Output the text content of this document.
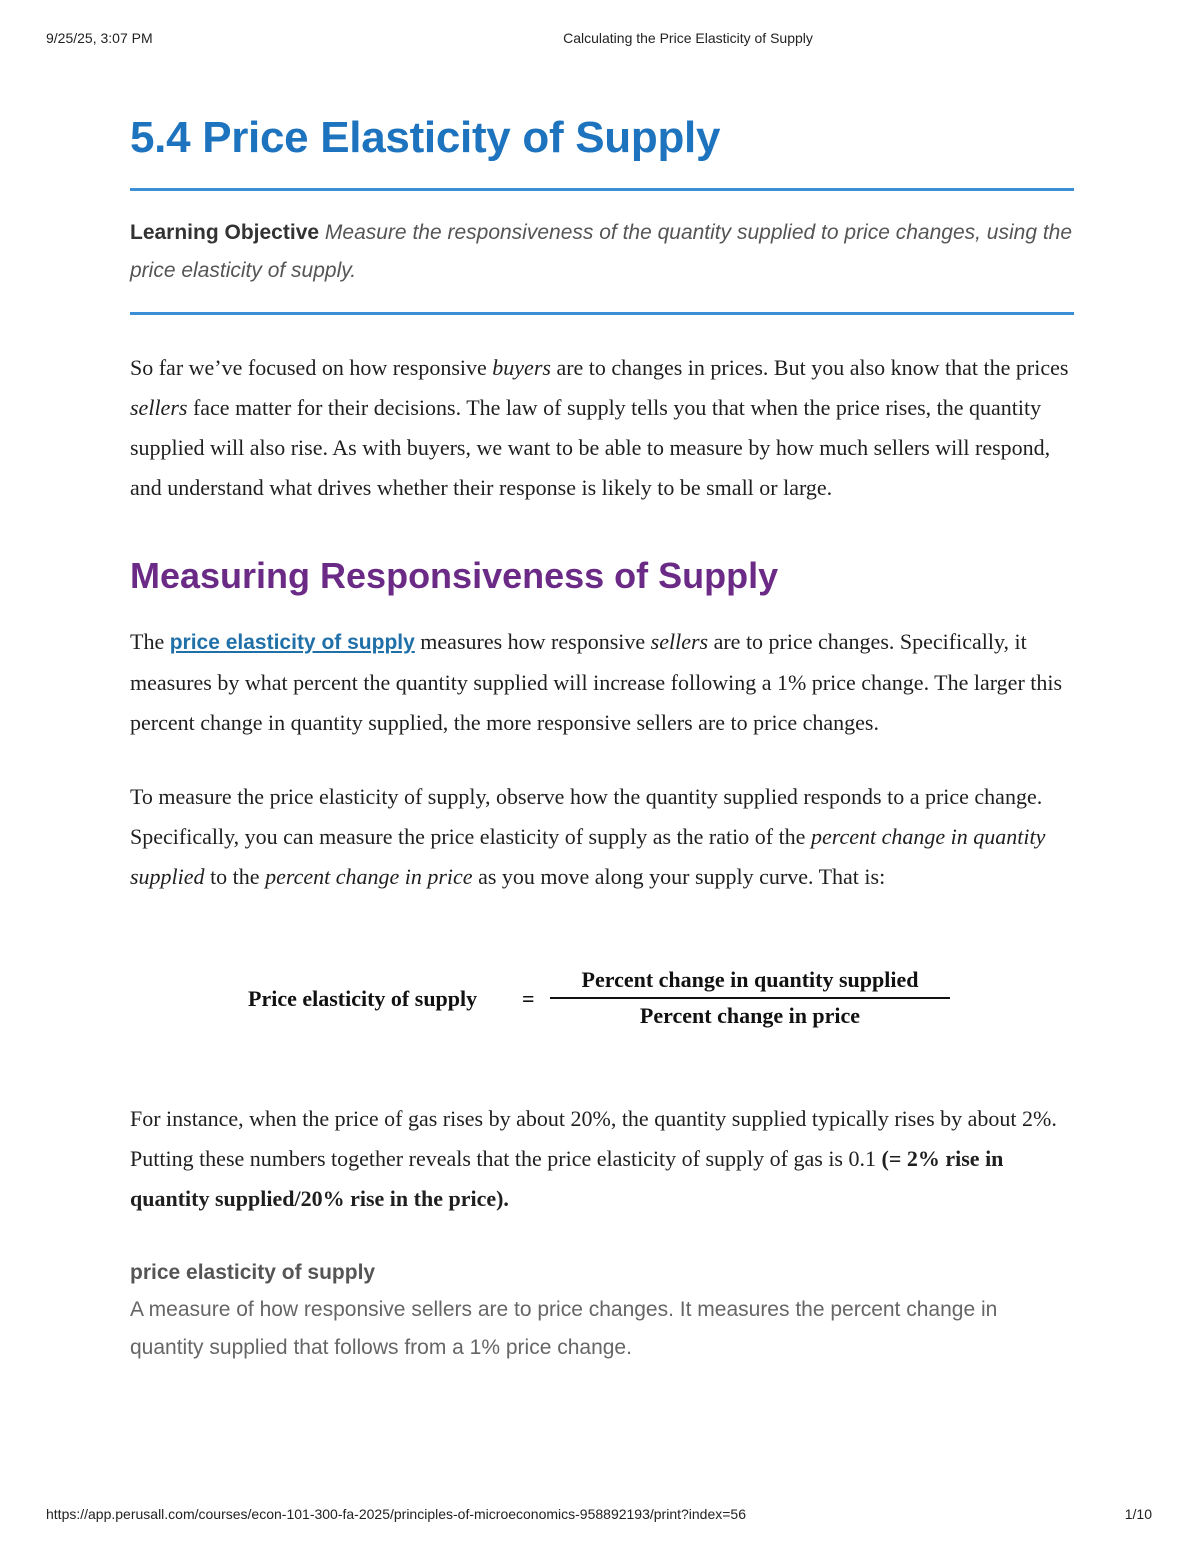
9/25/25, 3:07 PM	Calculating the Price Elasticity of Supply
5.4 Price Elasticity of Supply
Learning Objective Measure the responsiveness of the quantity supplied to price changes, using the price elasticity of supply.

So far we’ve focused on how responsive buyers are to changes in prices. But you also know that the prices sellers face matter for their decisions. The law of supply tells you that when the price rises, the quantity supplied will also rise. As with buyers, we want to be able to measure by how much sellers will respond, and understand what drives whether their response is likely to be small or large.

Measuring Responsiveness of Supply

The price elasticity of supply measures how responsive sellers are to price changes. Specifically, it measures by what percent the quantity supplied will increase following a 1% price change. The larger this percent change in quantity supplied, the more responsive sellers are to price changes.

To measure the price elasticity of supply, observe how the quantity supplied responds to a price change. Specifically, you can measure the price elasticity of supply as the ratio of the percent change in quantity supplied to the percent change in price as you move along your supply curve. That is:

Price elasticity of supply =
Percent change in quantity supplied
Percent change in price

For instance, when the price of gas rises by about 20%, the quantity supplied typically rises by about 2%. Putting these numbers together reveals that the price elasticity of supply of gas is 0.1 (= 2% rise in quantity supplied/20% rise in the price).

price elasticity of supply
A measure of how responsive sellers are to price changes. It measures the percent change in quantity supplied that follows from a 1% price change.
https://app.perusall.com/courses/econ-101-300-fa-2025/principles-of-microeconomics-958892193/print?index=56	1/10
